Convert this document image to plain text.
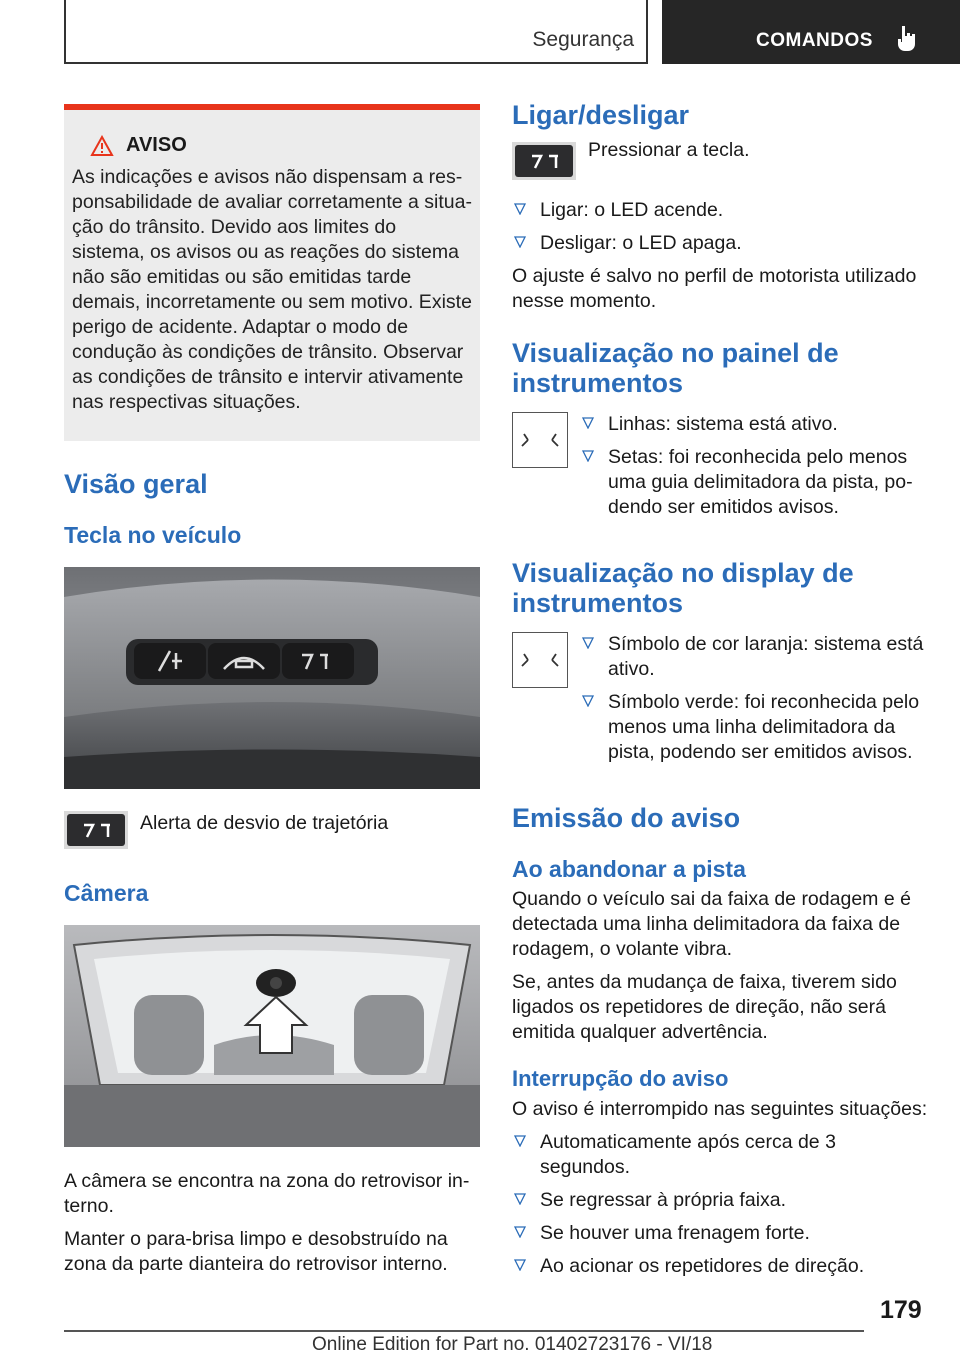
Segurança	COMANDOS
AVISO
As indicações e avisos não dispensam a responsabilidade de avaliar corretamente a situação do trânsito. Devido aos limites do sistema, os avisos ou as reações do sistema não são emitidas ou são emitidas tarde demais, incorretamente ou sem motivo. Existe perigo de acidente. Adaptar o modo de condução às condições de trânsito. Observar as condições de trânsito e intervir ativamente nas respectivas situações.
Visão geral
Tecla no veículo

Alerta de desvio de trajetória

Câmera

A câmera se encontra na zona do retrovisor interno.

Manter o para-brisa limpo e desobstruído na zona da parte dianteira do retrovisor interno.

Ligar/desligar

Pressionar a tecla.

Ligar: o LED acende.
Desligar: o LED apaga.

O ajuste é salvo no perfil de motorista utilizado nesse momento.

Visualização no painel de instrumentos
Linhas: sistema está ativo.
Setas: foi reconhecida pelo menos uma guia delimitadora da pista, podendo ser emitidos avisos.
Visualização no display de instrumentos
Símbolo de cor laranja: sistema está ativo.
Símbolo verde: foi reconhecida pelo menos uma linha delimitadora da pista, podendo ser emitidos avisos.
Emissão do aviso
Ao abandonar a pista

Quando o veículo sai da faixa de rodagem e é detectada uma linha delimitadora da faixa de rodagem, o volante vibra.

Se, antes da mudança de faixa, tiverem sido ligados os repetidores de direção, não será emitida qualquer advertência.

Interrupção do aviso

O aviso é interrompido nas seguintes situações:

Automaticamente após cerca de 3 segundos.
Se regressar à própria faixa.
Se houver uma frenagem forte.
Ao acionar os repetidores de direção.
179
Online Edition for Part no. 01402723176 - VI/18
